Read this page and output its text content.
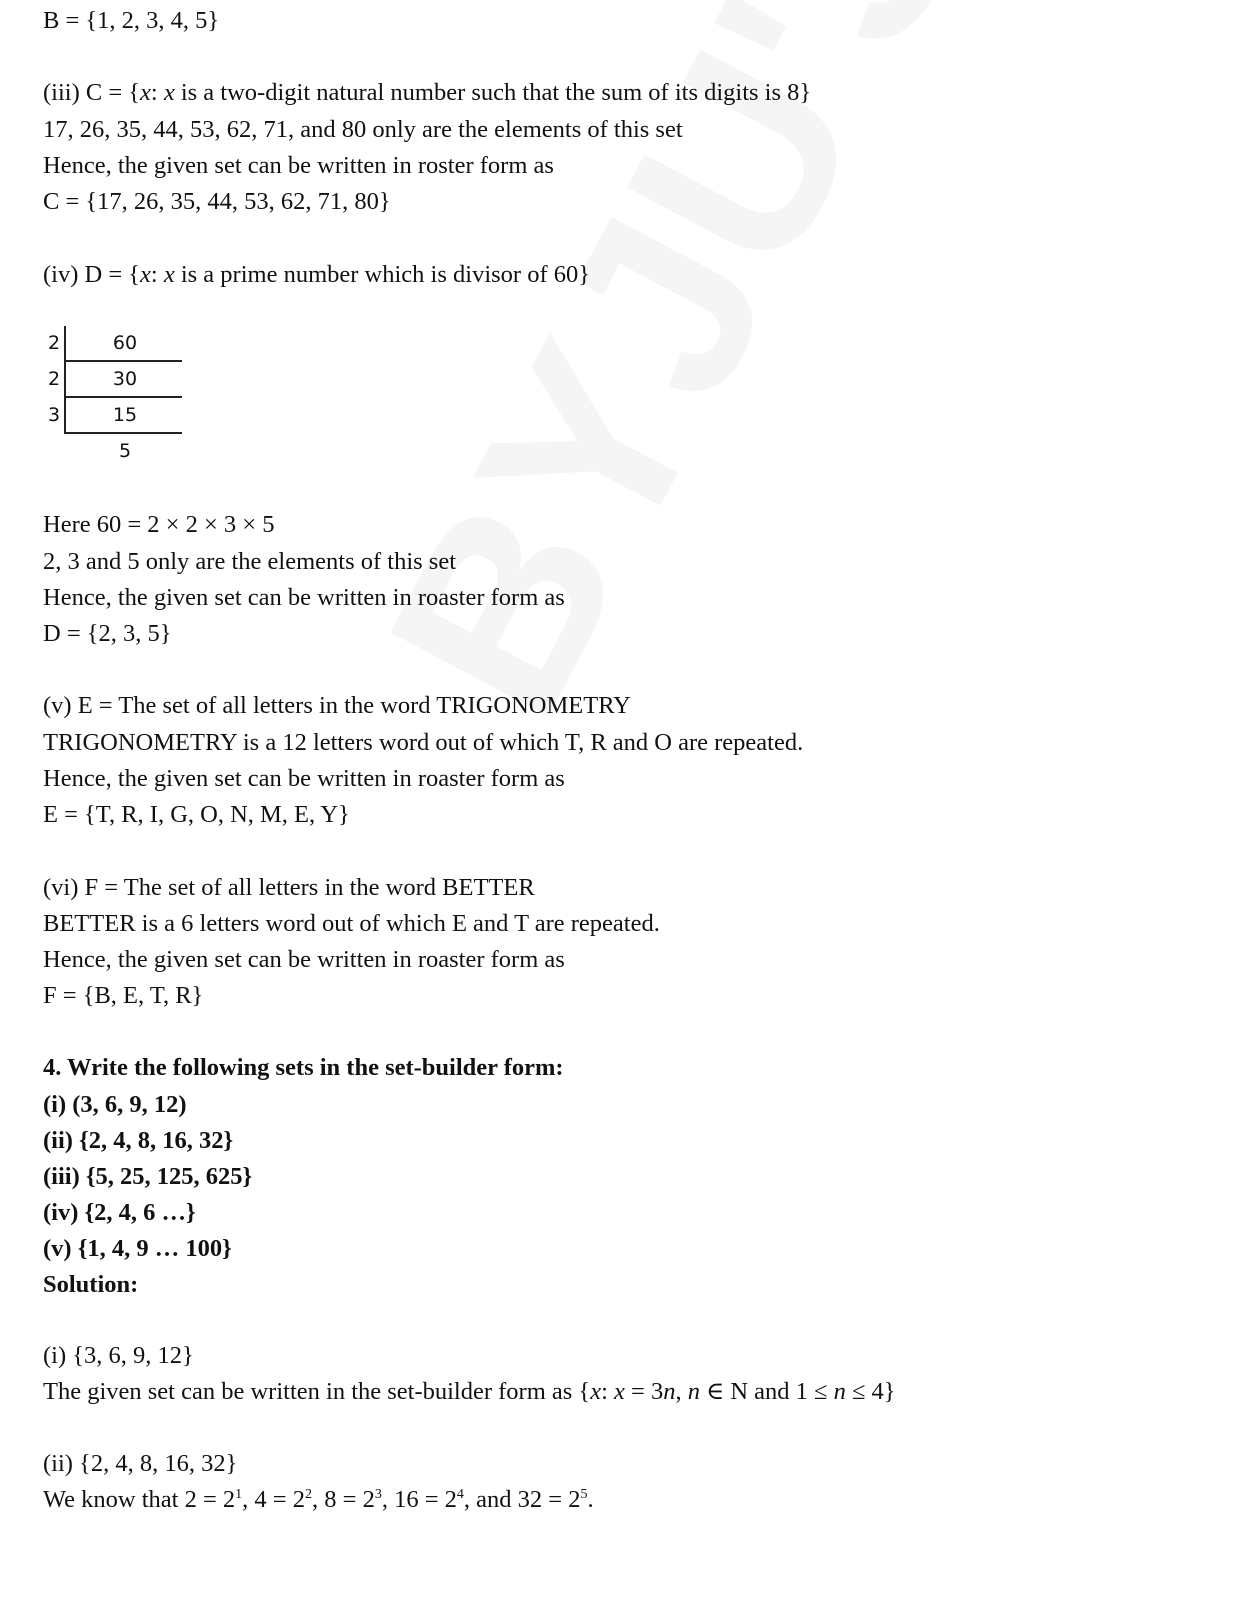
B = {1, 2, 3, 4, 5}
(iii) C = {x: x is a two-digit natural number such that the sum of its digits is 8}
17, 26, 35, 44, 53, 62, 71, and 80 only are the elements of this set
Hence, the given set can be written in roster form as
C = {17, 26, 35, 44, 53, 62, 71, 80}
(iv) D = {x: x is a prime number which is divisor of 60}
Here 60 = 2 × 2 × 3 × 5
2, 3 and 5 only are the elements of this set
Hence, the given set can be written in roaster form as
D = {2, 3, 5}
(v) E = The set of all letters in the word TRIGONOMETRY
TRIGONOMETRY is a 12 letters word out of which T, R and O are repeated.
Hence, the given set can be written in roaster form as
E = {T, R, I, G, O, N, M, E, Y}
(vi) F = The set of all letters in the word BETTER
BETTER is a 6 letters word out of which E and T are repeated.
Hence, the given set can be written in roaster form as
F = {B, E, T, R}
4. Write the following sets in the set-builder form:
(i) (3, 6, 9, 12)
(ii) {2, 4, 8, 16, 32}
(iii) {5, 25, 125, 625}
(iv) {2, 4, 6 …}
(v) {1, 4, 9 … 100}
Solution:
(i) {3, 6, 9, 12}
The given set can be written in the set-builder form as {x: x = 3n, n ∈ N and 1 ≤ n ≤ 4}
(ii) {2, 4, 8, 16, 32}
We know that $2 = 2^1$, $4 = 2^2$, $8 = 2^3$, $16 = 2^4$, and $32 = 2^5$.
2
2
3
60
30
15
5
